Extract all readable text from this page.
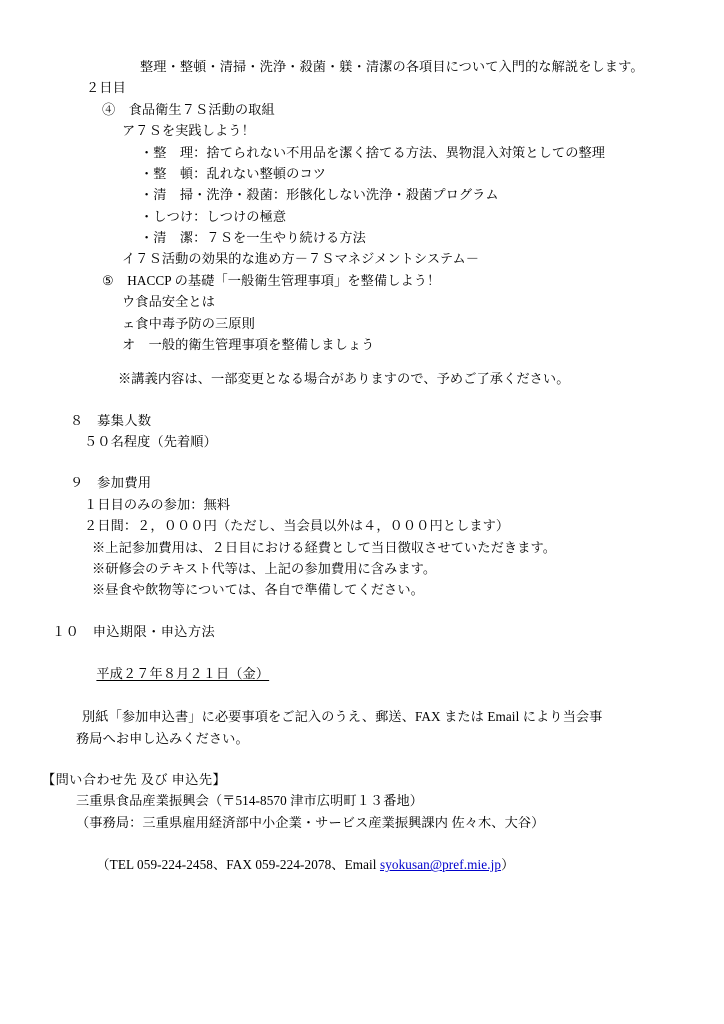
整理・整頓・清掃・洗浄・殺菌・躾・清潔の各項目について入門的な解説をします。
２日目
④　食品衛生７Ｓ活動の取組
ア７Ｓを実践しよう！
・整　理：捨てられない不用品を潔く捨てる方法、異物混入対策としての整理
・整　頓：乱れない整頓のコツ
・清　掃・洗浄・殺菌：形骸化しない洗浄・殺菌プログラム
・しつけ：しつけの極意
・清　潔：７Ｓを一生やり続ける方法
イ７Ｓ活動の効果的な進め方－７Ｓマネジメントシステム－
⑤　HACCP の基礎「一般衛生管理事項」を整備しよう！
ウ食品安全とは
ェ食中毒予防の三原則
オ　一般的衛生管理事項を整備しましょう
※講義内容は、一部変更となる場合がありますので、予めご了承ください。
８　募集人数
５０名程度（先着順）
９　参加費用
１日目のみの参加：無料
２日間：２，０００円（ただし、当会員以外は４，０００円とします）
※上記参加費用は、２日目における経費として当日徴収させていただきます。
※研修会のテキスト代等は、上記の参加費用に含みます。
※昼食や飲物等については、各自で準備してください。
１０　申込期限・申込方法

平成２７年８月２１日（金）

別紙「参加申込書」に必要事項をご記入のうえ、郵送、FAX または Email により当会事
務局へお申し込みください。
【問い合わせ先 及び 申込先】
三重県食品産業振興会（〒514-8570 津市広明町１３番地）
（事務局：三重県雇用経済部中小企業・サービス産業振興課内 佐々木、大谷）

（TEL 059-224-2458、FAX 059-224-2078、Email syokusan@pref.mie.jp）
